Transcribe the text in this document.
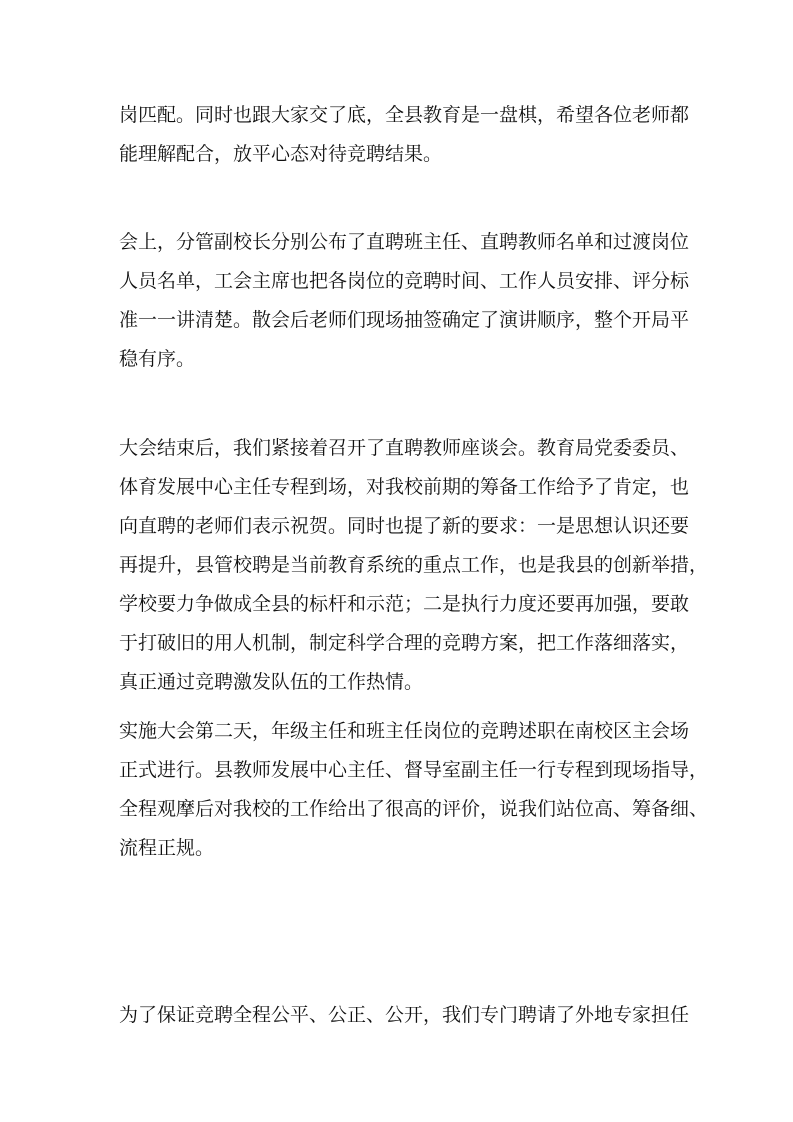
岗匹配。同时也跟大家交了底，全县教育是一盘棋，希望各位老师都
能理解配合，放平心态对待竞聘结果。
会上，分管副校长分别公布了直聘班主任、直聘教师名单和过渡岗位
人员名单，工会主席也把各岗位的竞聘时间、工作人员安排、评分标
准一一讲清楚。散会后老师们现场抽签确定了演讲顺序，整个开局平
稳有序。
大会结束后，我们紧接着召开了直聘教师座谈会。教育局党委委员、
体育发展中心主任专程到场，对我校前期的筹备工作给予了肯定，也
向直聘的老师们表示祝贺。同时也提了新的要求：一是思想认识还要
再提升，县管校聘是当前教育系统的重点工作，也是我县的创新举措，
学校要力争做成全县的标杆和示范；二是执行力度还要再加强，要敢
于打破旧的用人机制，制定科学合理的竞聘方案，把工作落细落实，
真正通过竞聘激发队伍的工作热情。
实施大会第二天，年级主任和班主任岗位的竞聘述职在南校区主会场
正式进行。县教师发展中心主任、督导室副主任一行专程到现场指导，
全程观摩后对我校的工作给出了很高的评价，说我们站位高、筹备细、
流程正规。
为了保证竞聘全程公平、公正、公开，我们专门聘请了外地专家担任
